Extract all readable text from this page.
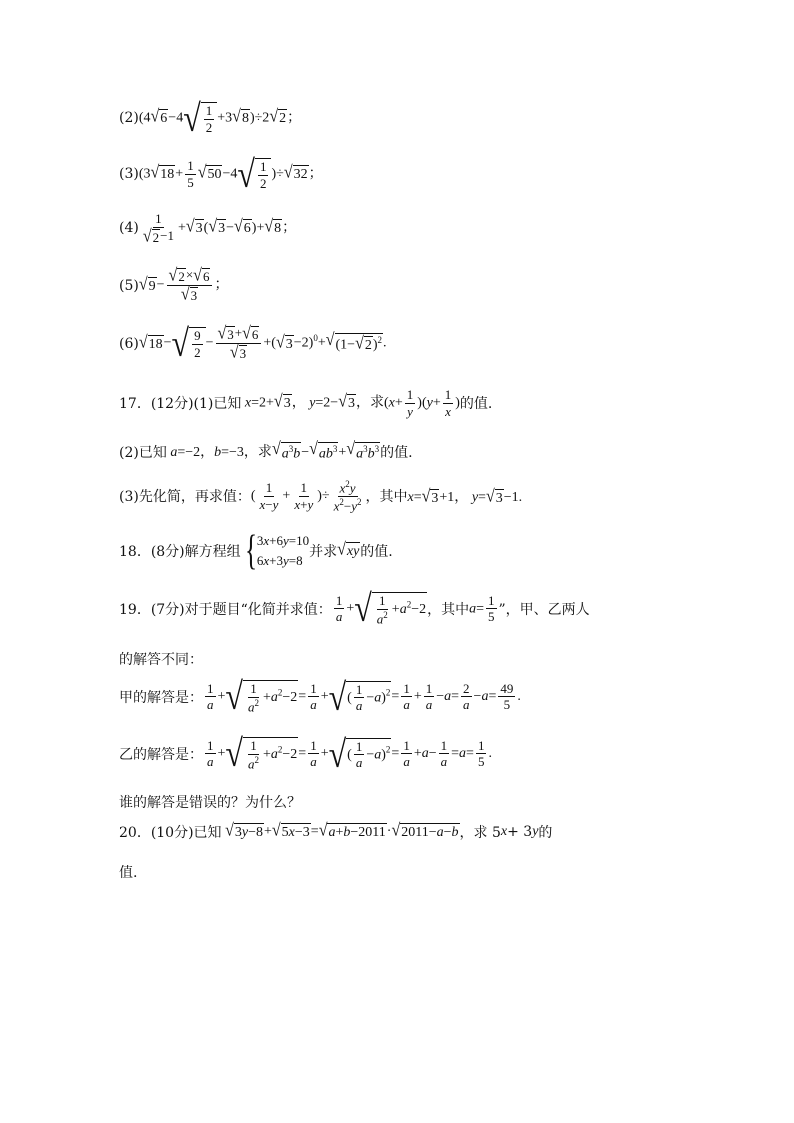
(2) (4 √ 6 −4 √ $\frac{1}{2} +3$ √ 8 )÷2 √ 2 ；
(3) (3 √ $18 + \frac{1}{5}$ √ 50 −4 √ $\frac{1}{2}$ )÷ √ 32 ；
$(4) \frac{1}{√ 2 -1}$ + √ 3 ( √ 3 − √ 6 )+ √ 8 ；
(5) √ $9 - \frac{√ 2 \times √ 6}{√ 3}$ ；
(6) √ 18 − √ $\frac{9}{2} - \frac{√ 3 + √ 6}{√ 3}$ +( √ 3 −2)$^0$+ √ (1− √ 2 )$^2$ .
17．(12分)(1)已知 x=2+ √ 3 ， y=2− √ 3 ，求$(x+ \frac{1}{y} )(y+ \frac{1}{x}$ ) 的值.
(2)已知 a=−2，b=−3，求 √ $a^3b$ − √ $ab^3$ + √ $a^3b^3$ 的值.
(3)先化简，再求值： ( $\frac{1}{x-y} + \frac{1}{x+y}$ )÷ $\frac{x^2y}{x^2-y^2}$ ，其中 x= √ 3 +1， y= √ 3 −1.
18．(8分)解方程组 { 3x+6y=10
6x+3y=8
并求 √ xy 的值.
19．(7分)对于题目“化简并求值： $\frac{1}{a}$ + √ $\frac{1}{a^2} +a^2-2$ ，其中 $a= \frac{1}{5}$ ”，甲、乙两人
的解答不同：
甲的解答是： $\frac{1}{a}$ + √ $\frac{1}{a^2} +a^2-2 = \frac{1}{a}$ + √ ( $\frac{1}{a} -a)^2 = \frac{1}{a} + \frac{1}{a} -a= \frac{2}{a} -a= \frac{49}{5}$ .
乙的解答是： $\frac{1}{a}$ + √ $\frac{1}{a^2} +a^2-2 = \frac{1}{a}$ + √ ( $\frac{1}{a} -a)^2 = \frac{1}{a} +a- \frac{1}{a} =a= \frac{1}{5}$ .
谁的解答是错误的？为什么？
20．(10分)已知
√ 3y−8 + √ 5x−3 = √ a+b−2011 · √ 2011−a−b ，求 5 x + 3 y 的
值.
